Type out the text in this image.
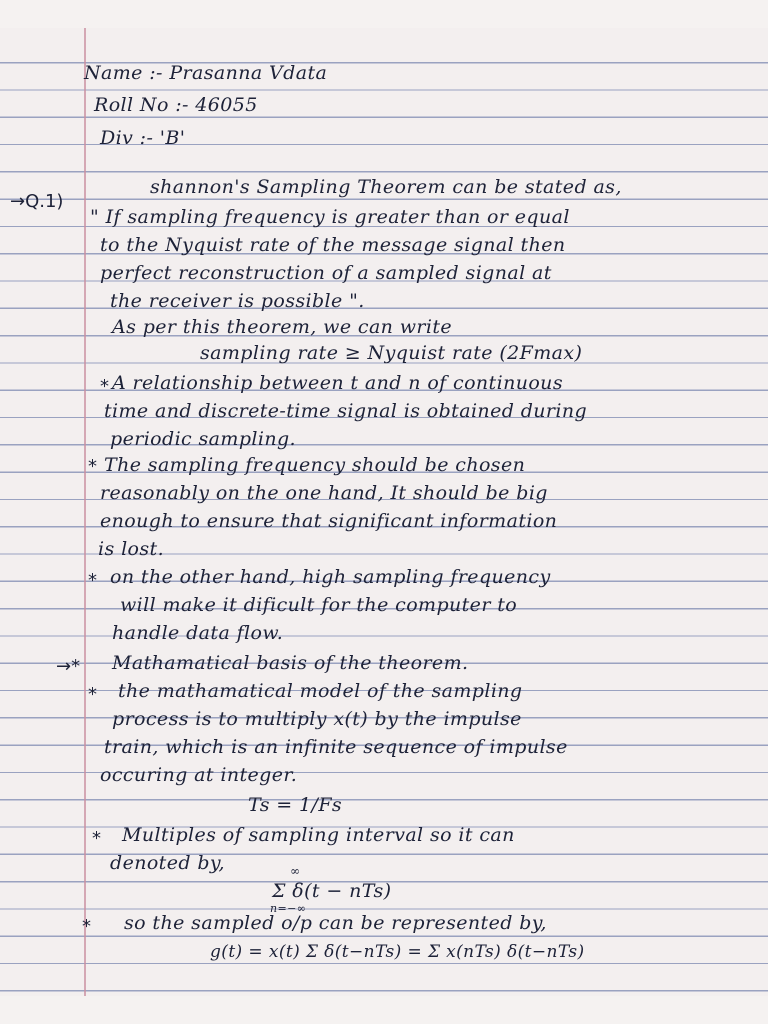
Name :- Prasanna Vdata
Roll No :- 46055
Div :- 'B'
→Q.1)
shannon's Sampling Theorem can be stated as,
" If sampling frequency is greater than or equal
to the Nyquist rate of the message signal then
perfect reconstruction of a sampled signal at
the receiver is possible ".
As per this theorem, we can write
sampling rate ≥ Nyquist rate (2Fmax)
* A relationship between t and n of continuous
time and discrete-time signal is obtained during
periodic sampling.
* The sampling frequency should be chosen
reasonably on the one hand, It should be big
enough to ensure that significant information
is lost.
* on the other hand, high sampling frequency
will make it dificult for the computer to
handle data flow.
→* Mathamatical basis of the theorem.
* the mathamatical model of the sampling
process is to multiply x(t) by the impulse
train, which is an infinite sequence of impulse
occuring at integer.
Ts = 1/Fs
* Multiples of sampling interval so it can
denoted by,	∞
Σ δ(t − nTs)
n=−∞
* so the sampled o/p can be represented by,
g(t) = x(t) Σ δ(t−nTs) = Σ x(nTs) δ(t−nTs)
